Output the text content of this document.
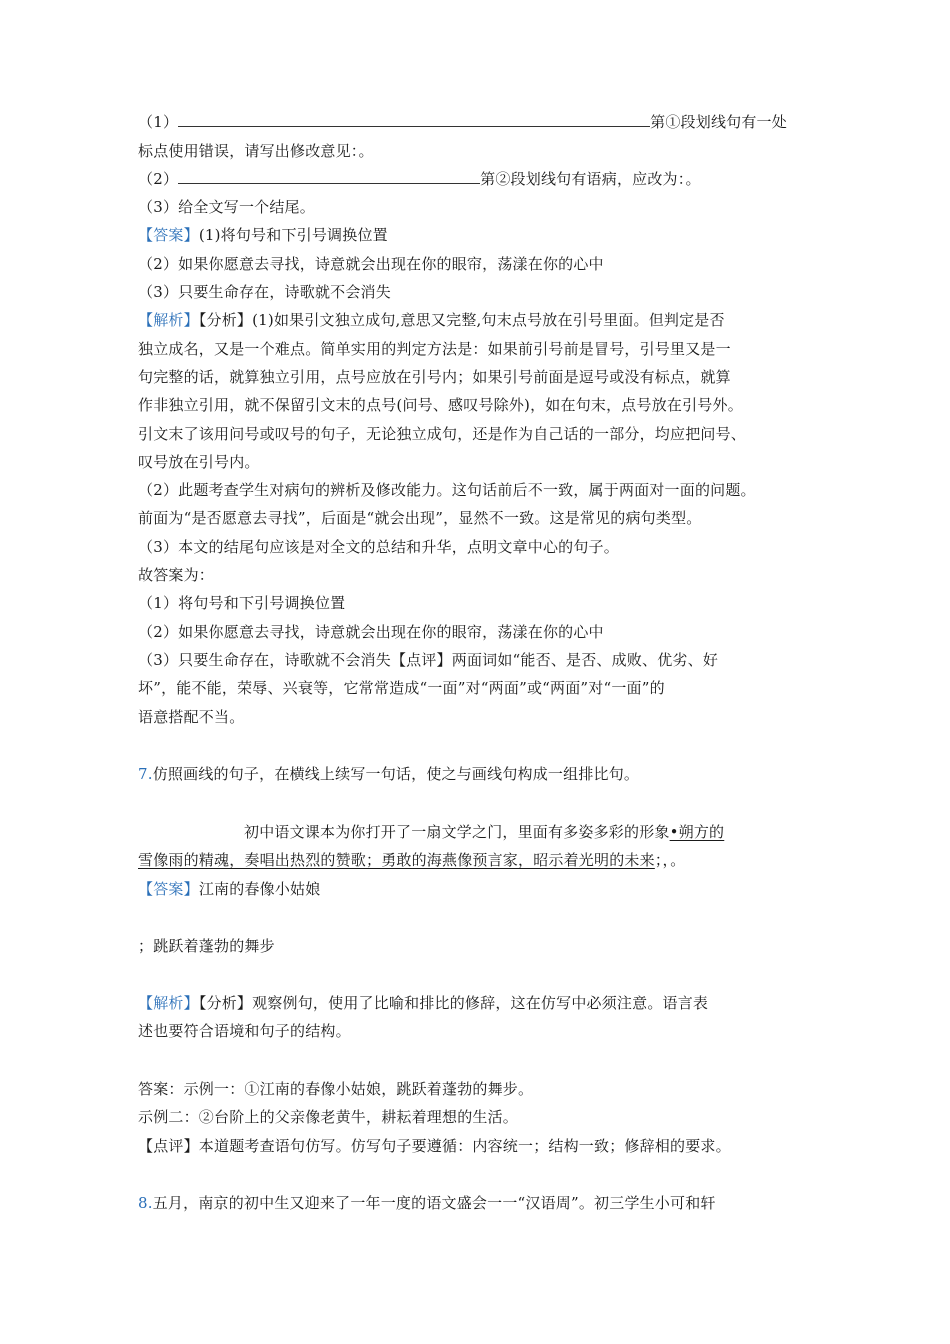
（1）	第①段划线句有一处
标点使用错误，请写出修改意见：。
（2）	第②段划线句有语病，应改为：。
（3）给全文写一个结尾。
【答案】(1)将句号和下引号调换位置
（2）如果你愿意去寻找，诗意就会出现在你的眼帘，荡漾在你的心中
（3）只要生命存在，诗歌就不会消失
【解析】【分析】(1)如果引文独立成句,意思又完整,句末点号放在引号里面。但判定是否
独立成名，又是一个难点。简单实用的判定方法是：如果前引号前是冒号，引号里又是一
句完整的话，就算独立引用，点号应放在引号内；如果引号前面是逗号或没有标点，就算
作非独立引用，就不保留引文末的点号(问号、感叹号除外)，如在句末，点号放在引号外。
引文末了该用问号或叹号的句子，无论独立成句，还是作为自己话的一部分，均应把问号、
叹号放在引号内。
（2）此题考查学生对病句的辨析及修改能力。这句话前后不一致，属于两面对一面的问题。
前面为“是否愿意去寻找”，后面是“就会出现”，显然不一致。这是常见的病句类型。
（3）本文的结尾句应该是对全文的总结和升华，点明文章中心的句子。
故答案为：
（1）将句号和下引号调换位置
（2）如果你愿意去寻找，诗意就会出现在你的眼帘，荡漾在你的心中
（3）只要生命存在，诗歌就不会消失【点评】两面词如“能否、是否、成败、优劣、好
坏”，能不能，荣辱、兴衰等，它常常造成“一面”对“两面”或“两面”对“一面”的
语意搭配不当。
7.仿照画线的句子，在横线上续写一句话，使之与画线句构成一组排比句。
初中语文课本为你打开了一扇文学之门，里面有多姿多彩的形象•朔方的
雪像雨的精魂，奏唱出热烈的赞歌；勇敢的海燕像预言家，昭示着光明的未来；，。
【答案】江南的春像小姑娘
；跳跃着蓬勃的舞步
【解析】【分析】观察例句，使用了比喻和排比的修辞，这在仿写中必须注意。语言表
述也要符合语境和句子的结构。
答案：示例一：①江南的春像小姑娘，跳跃着蓬勃的舞步。
示例二：②台阶上的父亲像老黄牛，耕耘着理想的生活。
【点评】本道题考查语句仿写。仿写句子要遵循：内容统一；结构一致；修辞相的要求。
8.五月，南京的初中生又迎来了一年一度的语文盛会一一“汉语周”。初三学生小可和轩
